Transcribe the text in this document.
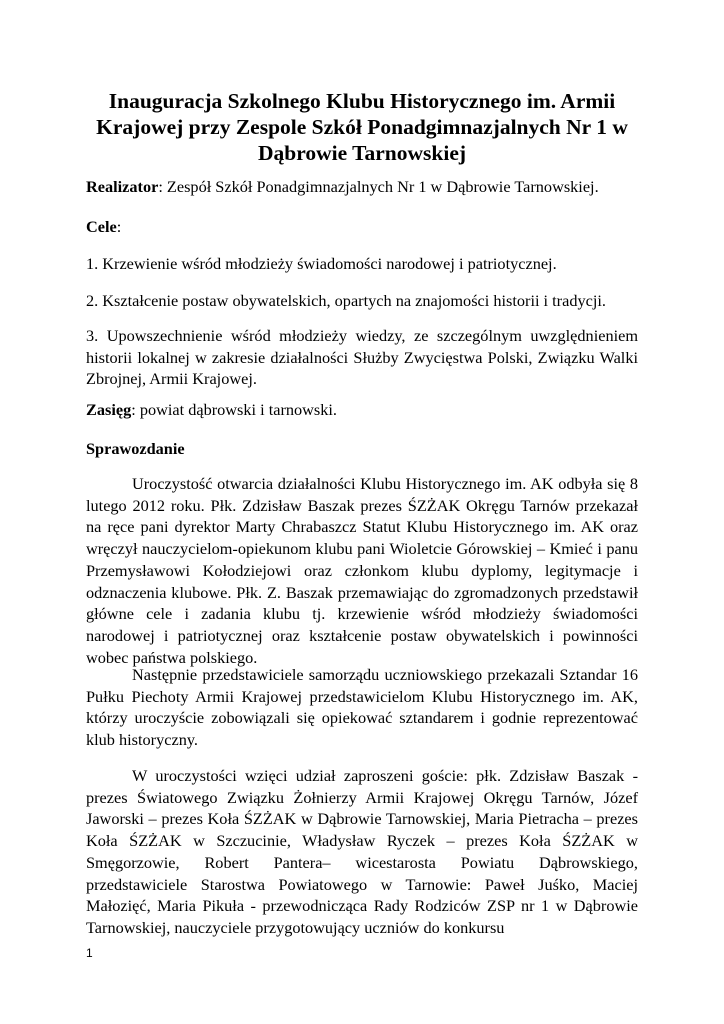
Inauguracja Szkolnego Klubu Historycznego im. Armii Krajowej przy Zespole Szkół Ponadgimnazjalnych Nr 1 w Dąbrowie Tarnowskiej

Realizator: Zespół Szkół Ponadgimnazjalnych Nr 1 w Dąbrowie Tarnowskiej.

Cele:

1. Krzewienie wśród młodzieży świadomości narodowej i patriotycznej.

2. Kształcenie postaw obywatelskich, opartych na znajomości historii i tradycji.

3. Upowszechnienie wśród młodzieży wiedzy, ze szczególnym uwzględnieniem historii lokalnej w zakresie działalności Służby Zwycięstwa Polski, Związku Walki Zbrojnej, Armii Krajowej.

Zasięg: powiat dąbrowski i tarnowski.

Sprawozdanie

Uroczystość otwarcia działalności Klubu Historycznego im. AK odbyła się 8 lutego 2012 roku. Płk. Zdzisław Baszak prezes ŚZŻAK Okręgu Tarnów przekazał na ręce pani dyrektor Marty Chrabaszcz Statut Klubu Historycznego im. AK oraz wręczył nauczycielom-opiekunom klubu pani Wioletcie Górowskiej – Kmieć i panu Przemysławowi Kołodziejowi oraz członkom klubu dyplomy, legitymacje i odznaczenia klubowe. Płk. Z. Baszak przemawiając do zgromadzonych przedstawił główne cele i zadania klubu tj. krzewienie wśród młodzieży świadomości narodowej i patriotycznej oraz kształcenie postaw obywatelskich i powinności wobec państwa polskiego.

Następnie przedstawiciele samorządu uczniowskiego przekazali Sztandar 16 Pułku Piechoty Armii Krajowej przedstawicielom Klubu Historycznego im. AK, którzy uroczyście zobowiązali się opiekować sztandarem i godnie reprezentować klub historyczny.

W uroczystości wzięci udział zaproszeni goście: płk. Zdzisław Baszak - prezes Światowego Związku Żołnierzy Armii Krajowej Okręgu Tarnów, Józef Jaworski – prezes Koła ŚZŻAK w Dąbrowie Tarnowskiej, Maria Pietracha – prezes Koła ŚZŻAK w Szczucinie, Władysław Ryczek – prezes Koła ŚZŻAK w Smęgorzowie, Robert Pantera– wicestarosta Powiatu Dąbrowskiego, przedstawiciele Starostwa Powiatowego w Tarnowie: Paweł Juśko, Maciej Małozięć, Maria Pikuła - przewodnicząca Rady Rodziców ZSP nr 1 w Dąbrowie Tarnowskiej, nauczyciele przygotowujący uczniów do konkursu

1
